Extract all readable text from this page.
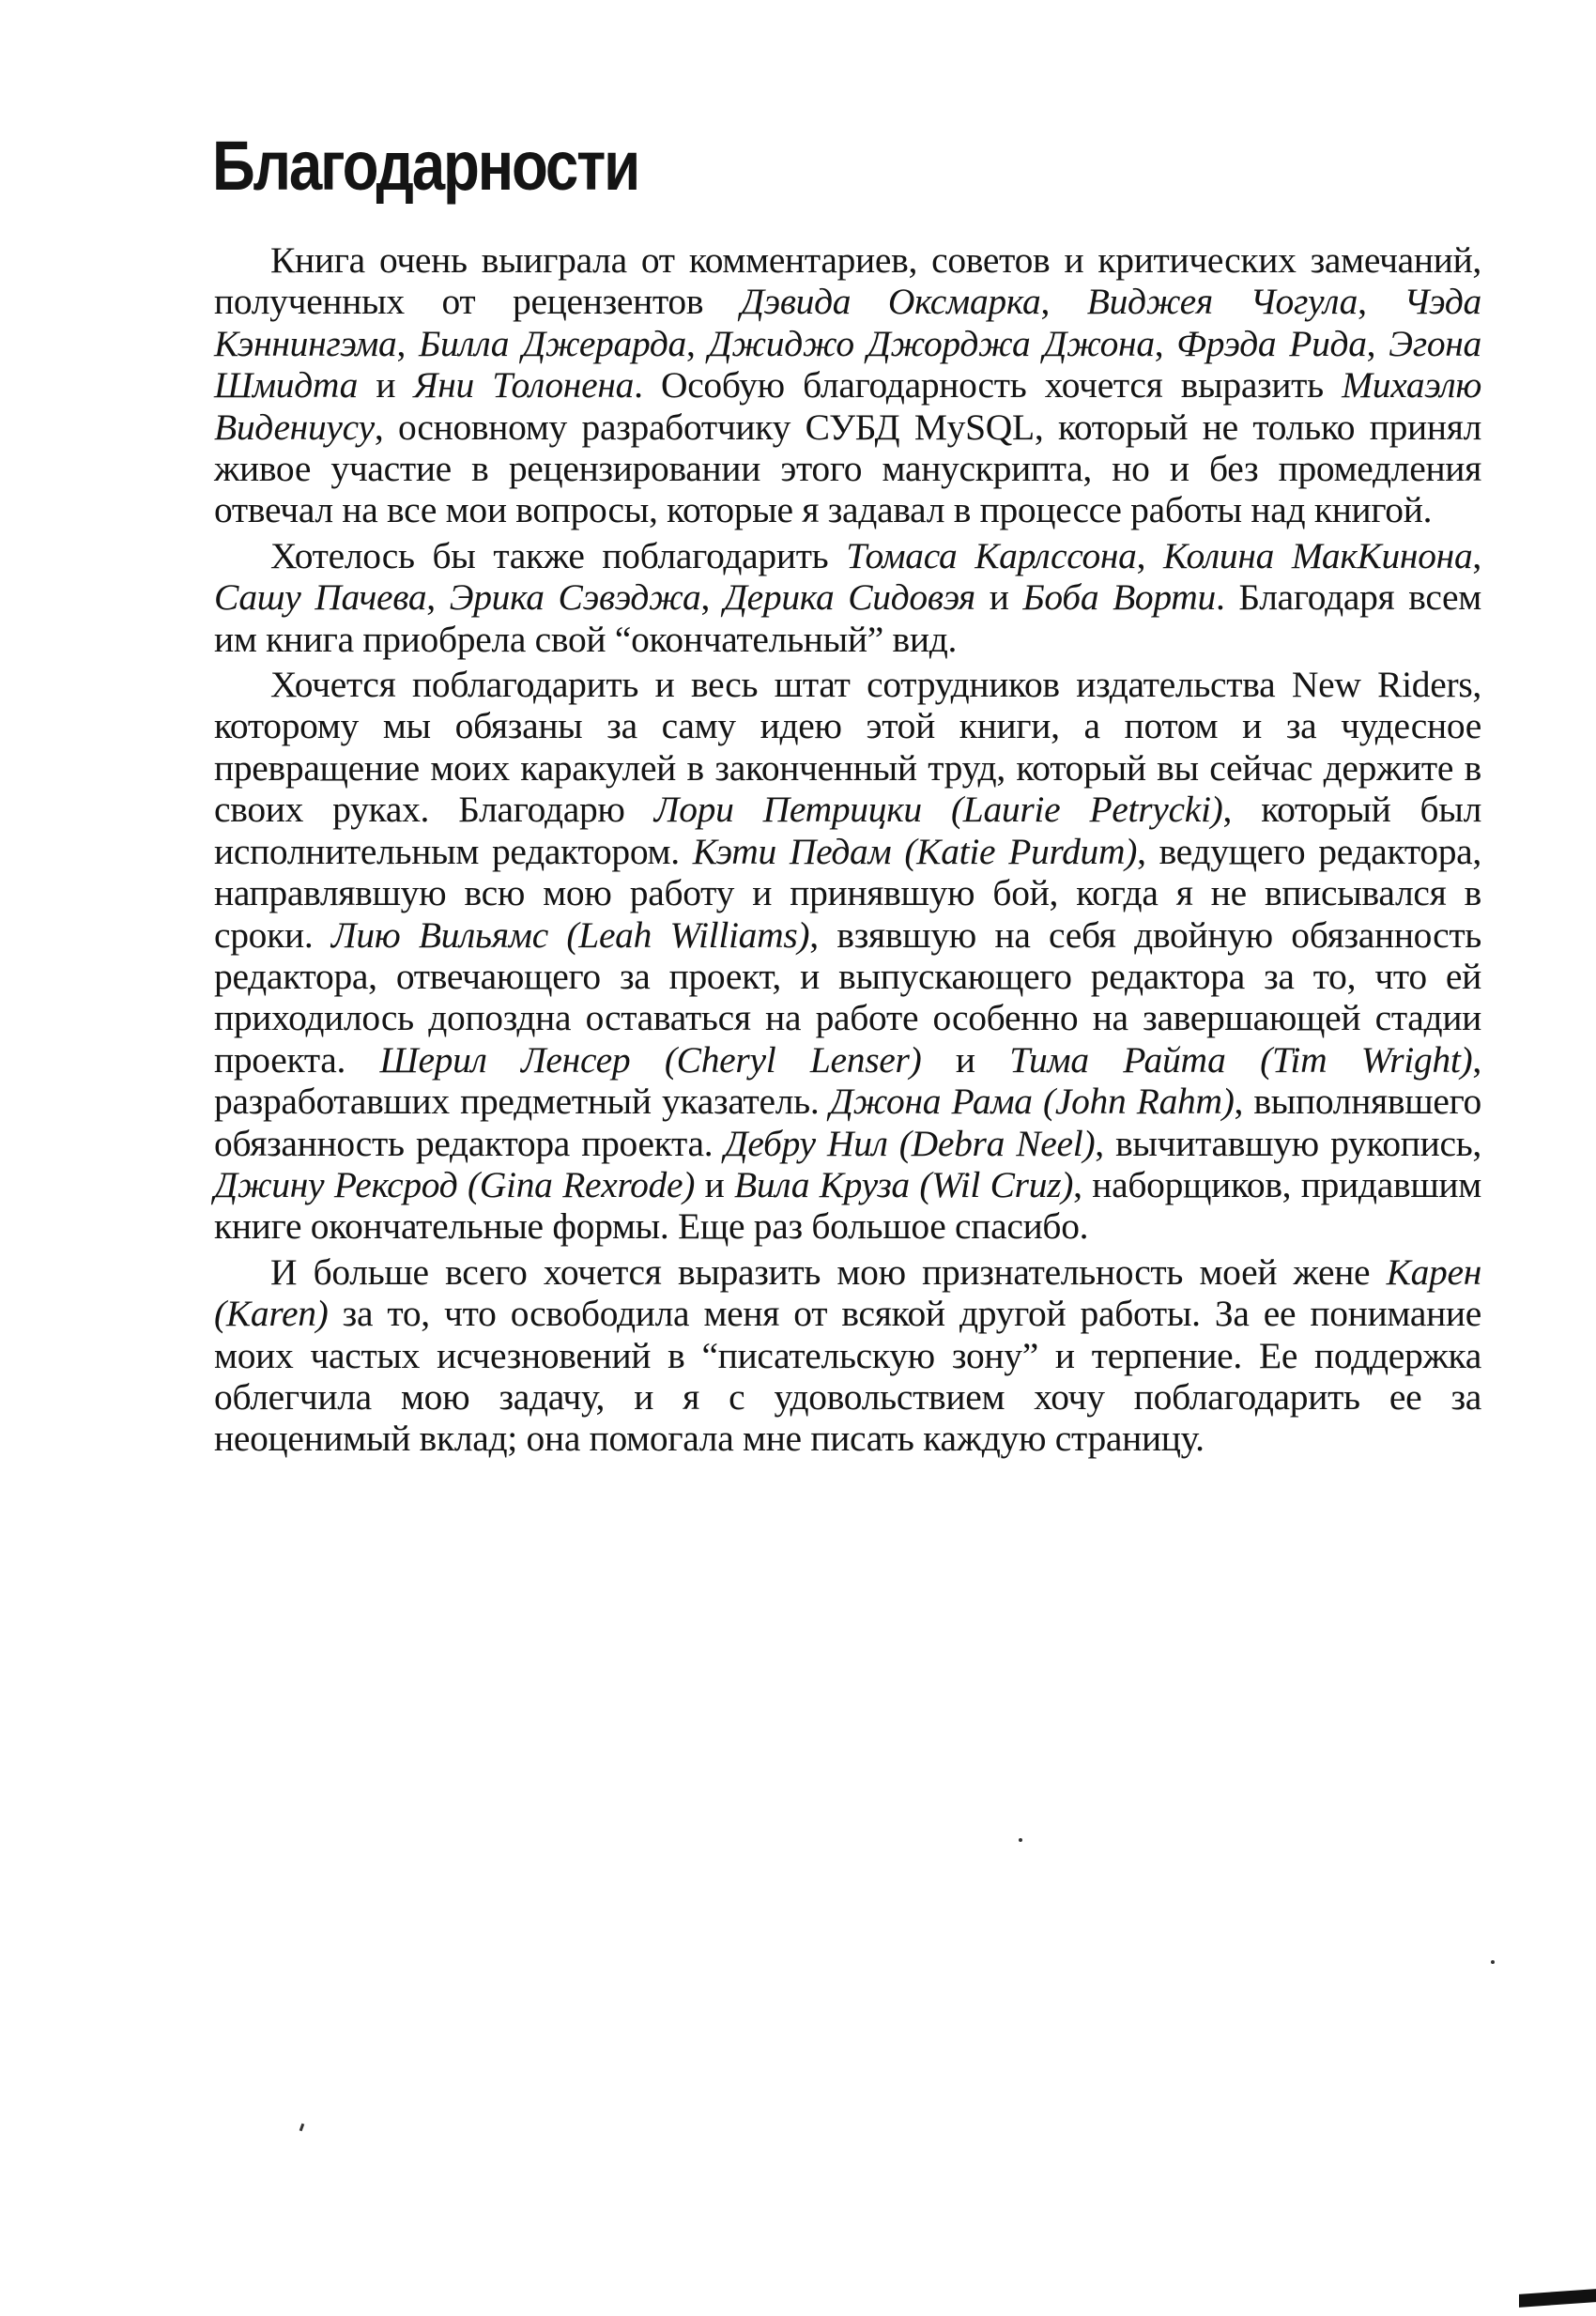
Благодарности

Книга очень выиграла от комментариев, советов и критических замечаний, полученных от рецензентов Дэвида Оксмарка, Виджея Чогула, Чэда Кэннингэма, Билла Джерарда, Джиджо Джорджа Джона, Фрэда Рида, Эгона Шмидта и Яни Толонена. Особую благодарность хочется выразить Михаэлю Видениусу, основному разработчику СУБД MySQL, который не только принял живое участие в рецензировании этого манускрипта, но и без промедления отвечал на все мои вопросы, которые я задавал в процессе работы над книгой.

Хотелось бы также поблагодарить Томаса Карлссона, Колина МакКинона, Сашу Пачева, Эрика Сэвэджа, Дерика Сидовэя и Боба Ворти. Благодаря всем им книга приобрела свой “окончательный” вид.

Хочется поблагодарить и весь штат сотрудников издательства New Riders, которому мы обязаны за саму идею этой книги, а потом и за чудесное превращение моих каракулей в законченный труд, который вы сейчас держите в своих руках. Благодарю Лори Петрицки (Laurie Petrycki), который был исполнительным редактором. Кэти Педам (Katie Purdum), ведущего редактора, направлявшую всю мою работу и принявшую бой, когда я не вписывался в сроки. Лию Вильямс (Leah Williams), взявшую на себя двойную обязанность редактора, отвечающего за проект, и выпускающего редактора за то, что ей приходилось допоздна оставаться на работе особенно на завершающей стадии проекта. Шерил Ленсер (Cheryl Lenser) и Тима Райта (Tim Wright), разработавших предметный указатель. Джона Рама (John Rahm), выполнявшего обязанность редактора проекта. Дебру Нил (Debra Neel), вычитавшую рукопись, Джину Рексрод (Gina Rexrode) и Вила Круза (Wil Cruz), наборщиков, придавшим книге окончательные формы. Еще раз большое спасибо.

И больше всего хочется выразить мою признательность моей жене Карен (Karen) за то, что освободила меня от всякой другой работы. За ее понимание моих частых исчезновений в “писательскую зону” и терпение. Ее поддержка облегчила мою задачу, и я с удовольствием хочу поблагодарить ее за неоценимый вклад; она помогала мне писать каждую страницу.
